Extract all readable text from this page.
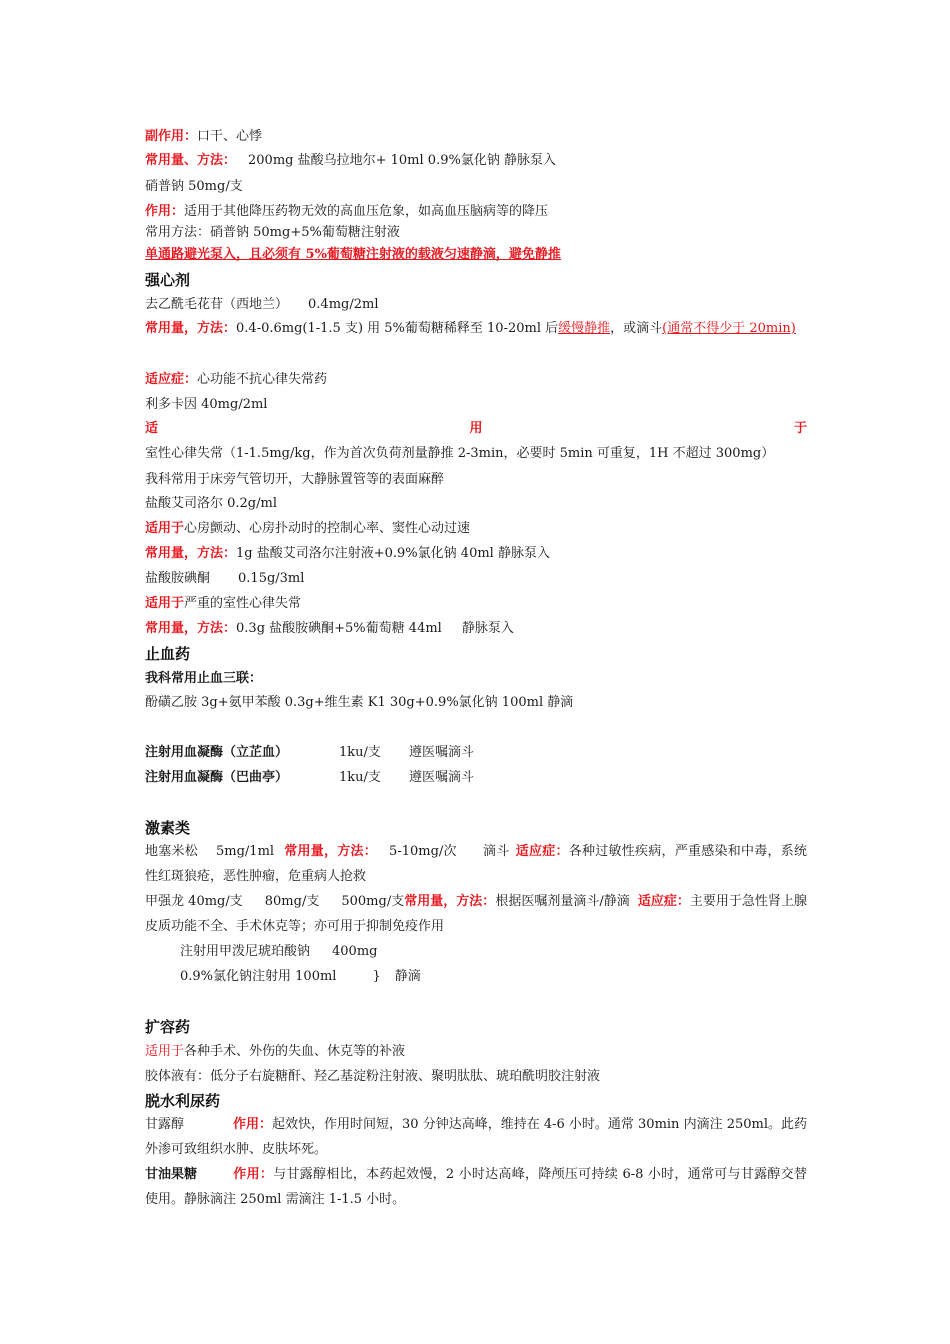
副作用：口干、心悸
常用量、方法： 200mg 盐酸乌拉地尔+ 10ml 0.9%氯化钠 静脉泵入
硝普钠 50mg/支
作用：适用于其他降压药物无效的高血压危象，如高血压脑病等的降压
常用方法：硝普钠 50mg+5%葡萄糖注射液
单通路避光泵入，且必须有 5%葡萄糖注射液的载液匀速静滴，避免静推
强心剂
去乙酰毛花苷（西地兰） 0.4mg/2ml
常用量，方法：0.4-0.6mg(1-1.5 支) 用 5%葡萄糖稀释至 10-20ml 后缓慢静推，或滴斗(通常不得少于 20min)
适应症：心功能不抗心律失常药
利多卡因 40mg/2ml
适用于室性心律失常（1-1.5mg/kg，作为首次负荷剂量静推 2-3min，必要时 5min 可重复，1H 不超过 300mg）
我科常用于床旁气管切开，大静脉置管等的表面麻醉
盐酸艾司洛尔 0.2g/ml
适用于心房颤动、心房扑动时的控制心率、窦性心动过速
常用量，方法：1g 盐酸艾司洛尔注射液+0.9%氯化钠 40ml 静脉泵入
盐酸胺碘酮 0.15g/3ml
适用于严重的室性心律失常
常用量，方法：0.3g 盐酸胺碘酮+5%葡萄糖 44ml 静脉泵入
止血药
我科常用止血三联：
酚磺乙胺 3g+氨甲苯酸 0.3g+维生素 K1 30g+0.9%氯化钠 100ml 静滴
注射用血凝酶（立芷血）	1ku/支 遵医嘱滴斗
注射用血凝酶（巴曲亭）	1ku/支 遵医嘱滴斗
激素类
地塞米松 5mg/1ml 常用量，方法： 5-10mg/次 滴斗 适应症：各种过敏性疾病，严重感染和中毒，系统性红斑狼疮，恶性肿瘤，危重病人抢救
甲强龙 40mg/支 80mg/支 500mg/支常用量，方法：根据医嘱剂量滴斗/静滴 适应症：主要用于急性肾上腺皮质功能不全、手术休克等；亦可用于抑制免疫作用
注射用甲泼尼琥珀酸钠 400mg
0.9%氯化钠注射用 100ml	} 静滴
扩容药
适用于各种手术、外伤的失血、休克等的补液
胶体液有：低分子右旋糖酐、羟乙基淀粉注射液、聚明肽肽、琥珀酰明胶注射液
脱水利尿药
甘露醇	作用：起效快，作用时间短，30 分钟达高峰，维持在 4-6 小时。通常 30min 内滴注 250ml。此药外渗可致组织水肿、皮肤坏死。
甘油果糖	作用：与甘露醇相比，本药起效慢，2 小时达高峰，降颅压可持续 6-8 小时，通常可与甘露醇交替使用。静脉滴注 250ml 需滴注 1-1.5 小时。
